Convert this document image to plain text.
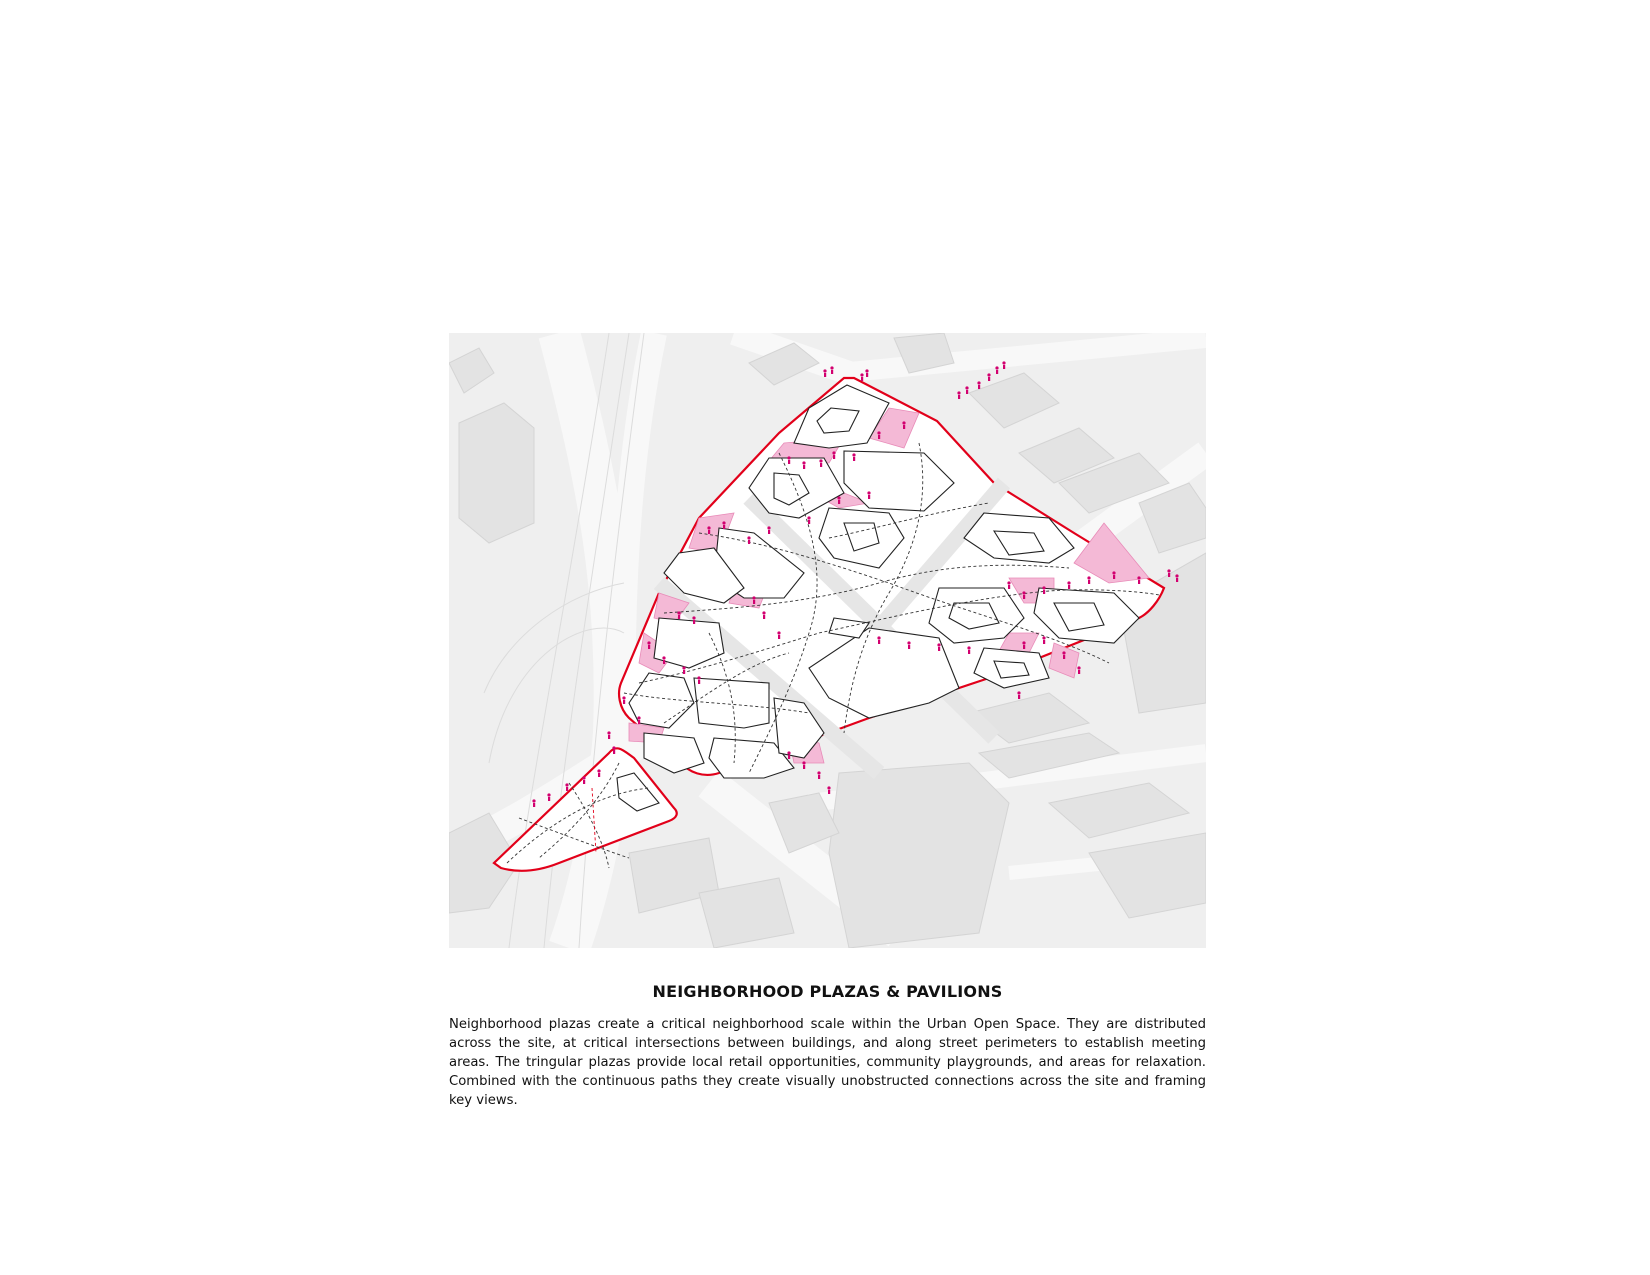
NEIGHBORHOOD PLAZAS & PAVILIONS

Neighborhood plazas create a critical neighborhood scale within the Urban Open Space. They are distributed across the site, at critical intersections between buildings, and along street perimeters to establish meeting areas. The tringular plazas provide local retail opportunities, community playgrounds, and areas for relaxation. Combined with the continuous paths they create visually unobstructed connections across the site and framing key views.
